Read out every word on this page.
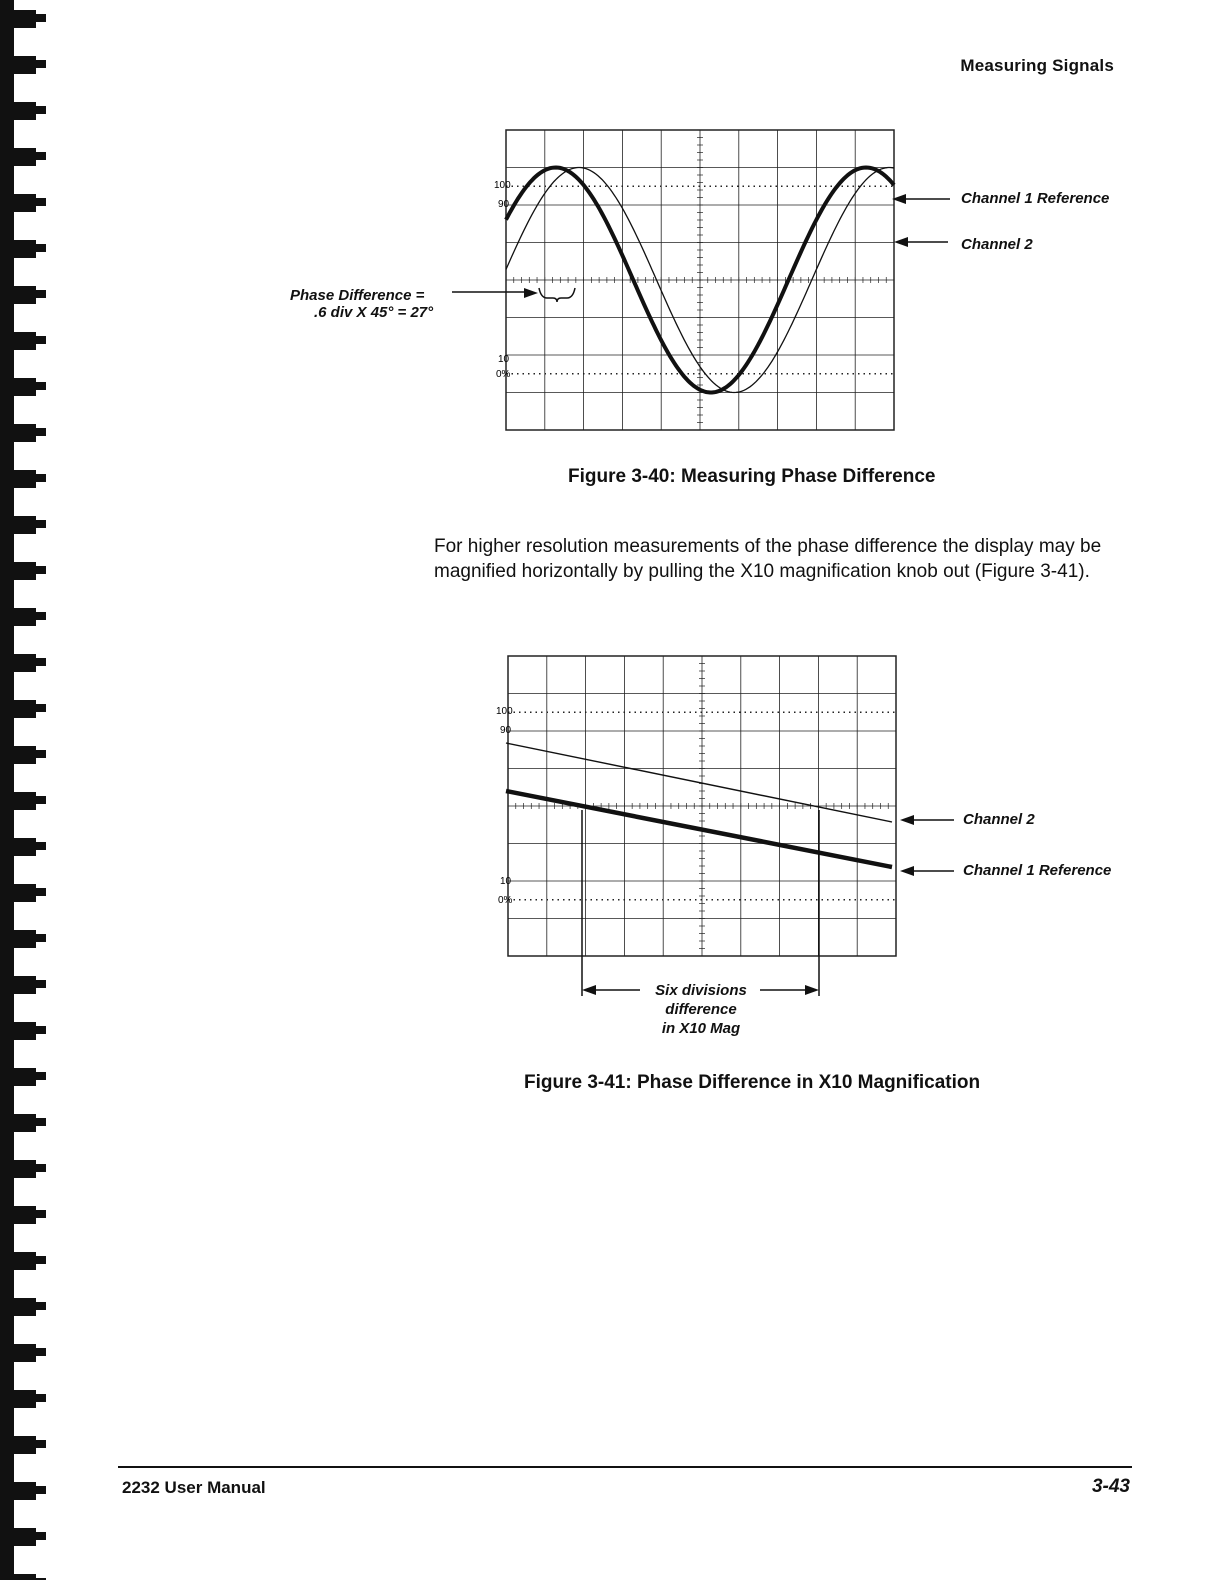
Measuring Signals
100
90
10
0%
Channel 1 Reference
Channel 2
Phase Difference =
.6 div X 45° = 27°
Figure 3-40: Measuring Phase Difference

For higher resolution measurements of the phase difference the display may be magnified horizontally by pulling the X10 magnification knob out (Figure 3-41).

100
90
10
0%
Channel 2
Channel 1 Reference
Six divisions
difference
in X10 Mag
Figure 3-41: Phase Difference in X10 Magnification
2232 User Manual	3-43
